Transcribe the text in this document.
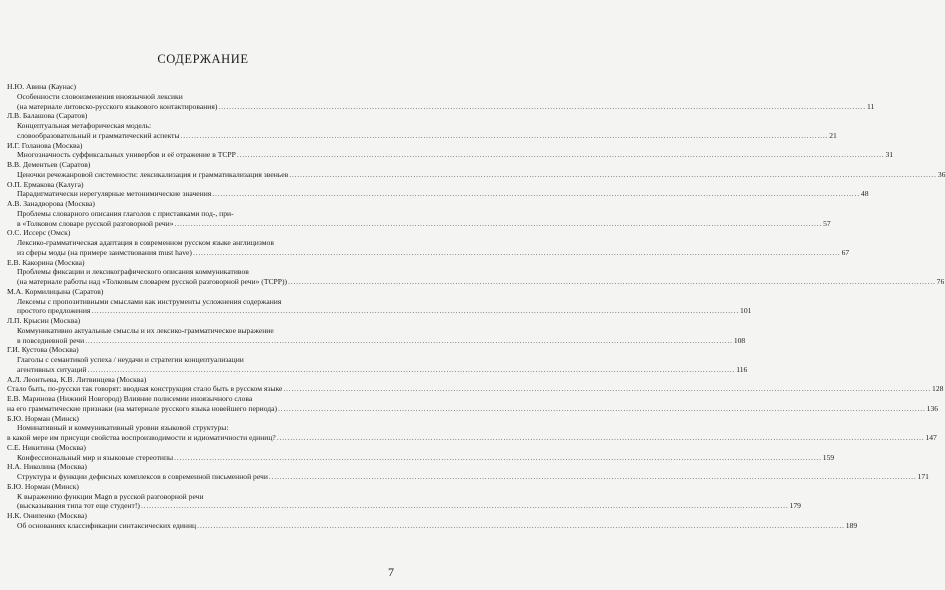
СОДЕРЖАНИЕ
Н.Ю. Авина (Каунас)
Особенности словоизменения иноязычной лексики
(на материале литовско-русского языкового контактирования) .....	11
Л.В. Балашова (Саратов)
Концептуальная метафорическая модель:
словообразовательный и грамматический аспекты .....	21
И.Г. Голанова (Москва)
Многозначность суффиксальных универбов и её отражение в ТСРР .....	31
В.В. Дементьев (Саратов)
Ценочки речежанровой системности: лексикализация и грамматикализация звеньев .....	36
О.П. Ермакова (Калуга)
Парадигматически нерегулярные метонимические значения .....	48
А.В. Занадворова (Москва)
Проблемы словарного описания глаголов с приставками под-, при-
в «Толковом словаре русской разговорной речи» .....	57
О.С. Иссерс (Омск)
Лексико-грамматическая адаптация в современном русском языке англицизмов
из сферы моды (на примере заимствования must have) .....	67
Е.В. Какорина (Москва)
Проблемы фиксации и лексикографического описания коммуникативов
(на материале работы над «Толковым словарем русской разговорной речи» (ТСРР)) .....	76
М.А. Кормилицына (Саратов)
Лексемы с пропозитивными смыслами как инструменты усложнения содержания
простого предложения .....	101
Л.П. Крысин (Москва)
Коммуникативно актуальные смыслы и их лексико-грамматическое выражение
в повседневной речи .....	108
Г.И. Кустова (Москва)
Глаголы с семантикой успеха / неудачи и стратегии концептуализации
агентивных ситуаций .....	116
А.Л. Леонтьева, К.В. Литвинцева (Москва)
Стало быть, по-русски так говорят: вводная конструкция стало быть в русском языке .....	128
Е.В. Маринова (Нижний Новгород) Влияние полисемии иноязычного слова
на его грамматические признаки (на материале русского языка новейшего периода) .....	136
Б.Ю. Норман (Минск)
Номинативный и коммуникативный уровни языковой структуры:
в какой мере им присущи свойства воспроизводимости и идиоматичности единиц? .....	147
С.Е. Никитина (Москва)
Конфессиональный мир и языковые стереотипы .....	159
Н.А. Николина (Москва)
Структура и функции дефисных комплексов в современной письменной речи .....	171
Б.Ю. Норман (Минск)
К выражению функции Magn в русской разговорной речи
(высказывания типа тот еще студент!) .....	179
Н.К. Онипенко (Москва)
Об основаниях классификации синтаксических единиц .....	189
7
